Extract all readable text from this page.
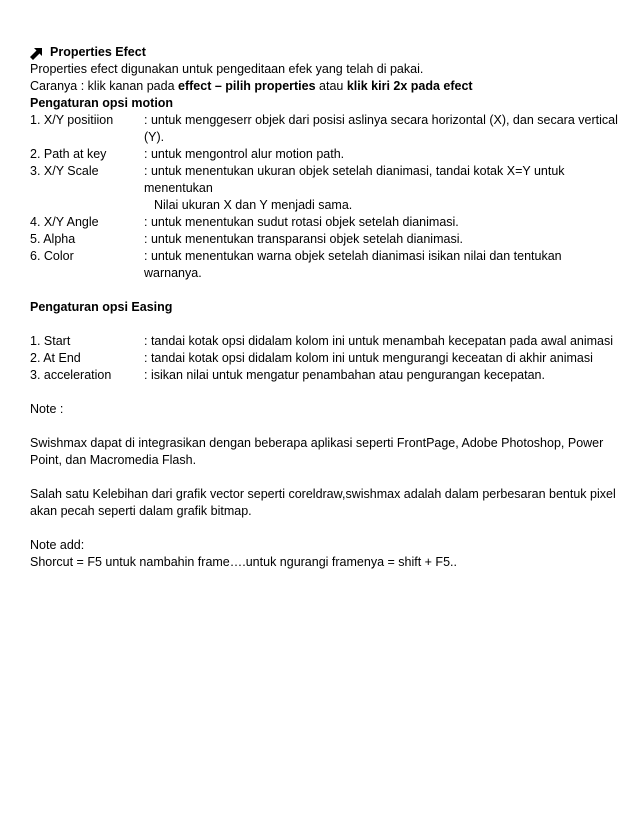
Properties Efect
Properties efect digunakan untuk pengeditaan efek yang telah di pakai.
Caranya : klik kanan pada effect – pilih properties atau klik kiri 2x pada efect
Pengaturan opsi motion
1. X/Y positiion	: untuk menggeserr objek dari posisi aslinya secara horizontal (X), dan secara vertical (Y).
2. Path at key	: untuk mengontrol alur motion path.
3. X/Y Scale	: untuk menentukan ukuran objek setelah dianimasi, tandai kotak X=Y untuk menentukan
Nilai ukuran X dan Y menjadi sama.
4. X/Y Angle	: untuk menentukan sudut rotasi objek setelah dianimasi.
5. Alpha	: untuk menentukan transparansi objek setelah dianimasi.
6. Color	: untuk menentukan warna objek setelah dianimasi isikan nilai dan tentukan warnanya.
Pengaturan opsi Easing
1. Start	: tandai kotak opsi didalam kolom ini untuk menambah kecepatan pada awal animasi
2. At End	: tandai kotak opsi didalam kolom ini untuk mengurangi keceatan di akhir animasi
3. acceleration	: isikan nilai untuk mengatur penambahan atau pengurangan kecepatan.
Note :
Swishmax dapat di integrasikan dengan beberapa aplikasi seperti FrontPage, Adobe Photoshop, Power Point, dan Macromedia Flash.
Salah satu Kelebihan dari grafik vector seperti coreldraw,swishmax adalah dalam perbesaran bentuk pixel akan pecah seperti dalam grafik bitmap.
Note add:
Shorcut = F5 untuk nambahin frame….untuk ngurangi framenya = shift + F5..
